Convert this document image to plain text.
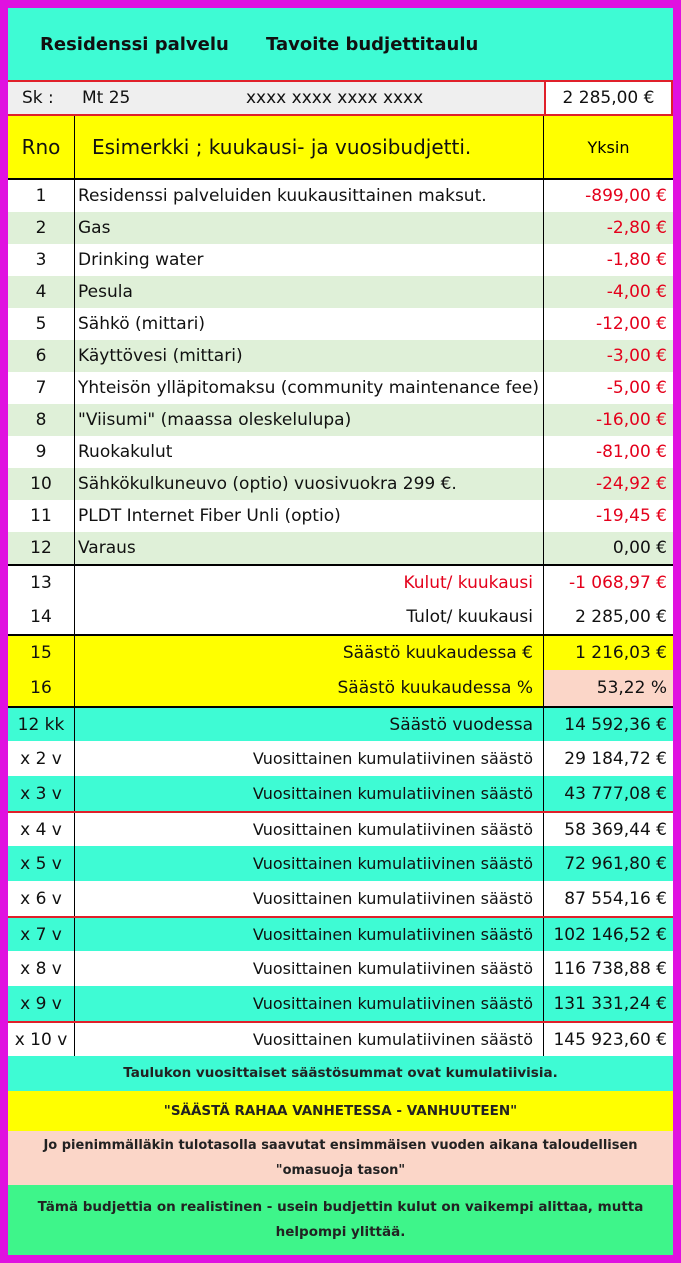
Residenssi palvelu Tavoite budjettitaulu
Sk : Mt 25	xxxx xxxx xxxx xxxx	2 285,00 €
Rno	Esimerkki ; kuukausi- ja vuosibudjetti.	Yksin
1	Residenssi palveluiden kuukausittainen maksut.	-899,00 €
2	Gas	-2,80 €
3	Drinking water	-1,80 €
4	Pesula	-4,00 €
5	Sähkö (mittari)	-12,00 €
6	Käyttövesi (mittari)	-3,00 €
7	Yhteisön ylläpitomaksu (community maintenance fee)	-5,00 €
8	"Viisumi" (maassa oleskelulupa)	-16,00 €
9	Ruokakulut	-81,00 €
10	Sähkökulkuneuvo (optio) vuosivuokra 299 €.	-24,92 €
11	PLDT Internet Fiber Unli (optio)	-19,45 €
12	Varaus	0,00 €
13	Kulut/ kuukausi	-1 068,97 €
14	Tulot/ kuukausi	2 285,00 €
15	Säästö kuukaudessa €	1 216,03 €
16	Säästö kuukaudessa %	53,22 %
12 kk	Säästö vuodessa	14 592,36 €
x 2 v	Vuosittainen kumulatiivinen säästö	29 184,72 €
x 3 v	Vuosittainen kumulatiivinen säästö	43 777,08 €
x 4 v	Vuosittainen kumulatiivinen säästö	58 369,44 €
x 5 v	Vuosittainen kumulatiivinen säästö	72 961,80 €
x 6 v	Vuosittainen kumulatiivinen säästö	87 554,16 €
x 7 v	Vuosittainen kumulatiivinen säästö	102 146,52 €
x 8 v	Vuosittainen kumulatiivinen säästö	116 738,88 €
x 9 v	Vuosittainen kumulatiivinen säästö	131 331,24 €
x 10 v	Vuosittainen kumulatiivinen säästö	145 923,60 €
Taulukon vuosittaiset säästösummat ovat kumulatiivisia.
"SÄÄSTÄ RAHAA VANHETESSA - VANHUUTEEN"
Jo pienimmälläkin tulotasolla saavutat ensimmäisen vuoden aikana taloudellisen "omasuoja tason"
Tämä budjettia on realistinen - usein budjettin kulut on vaikempi alittaa, mutta helpompi ylittää.
